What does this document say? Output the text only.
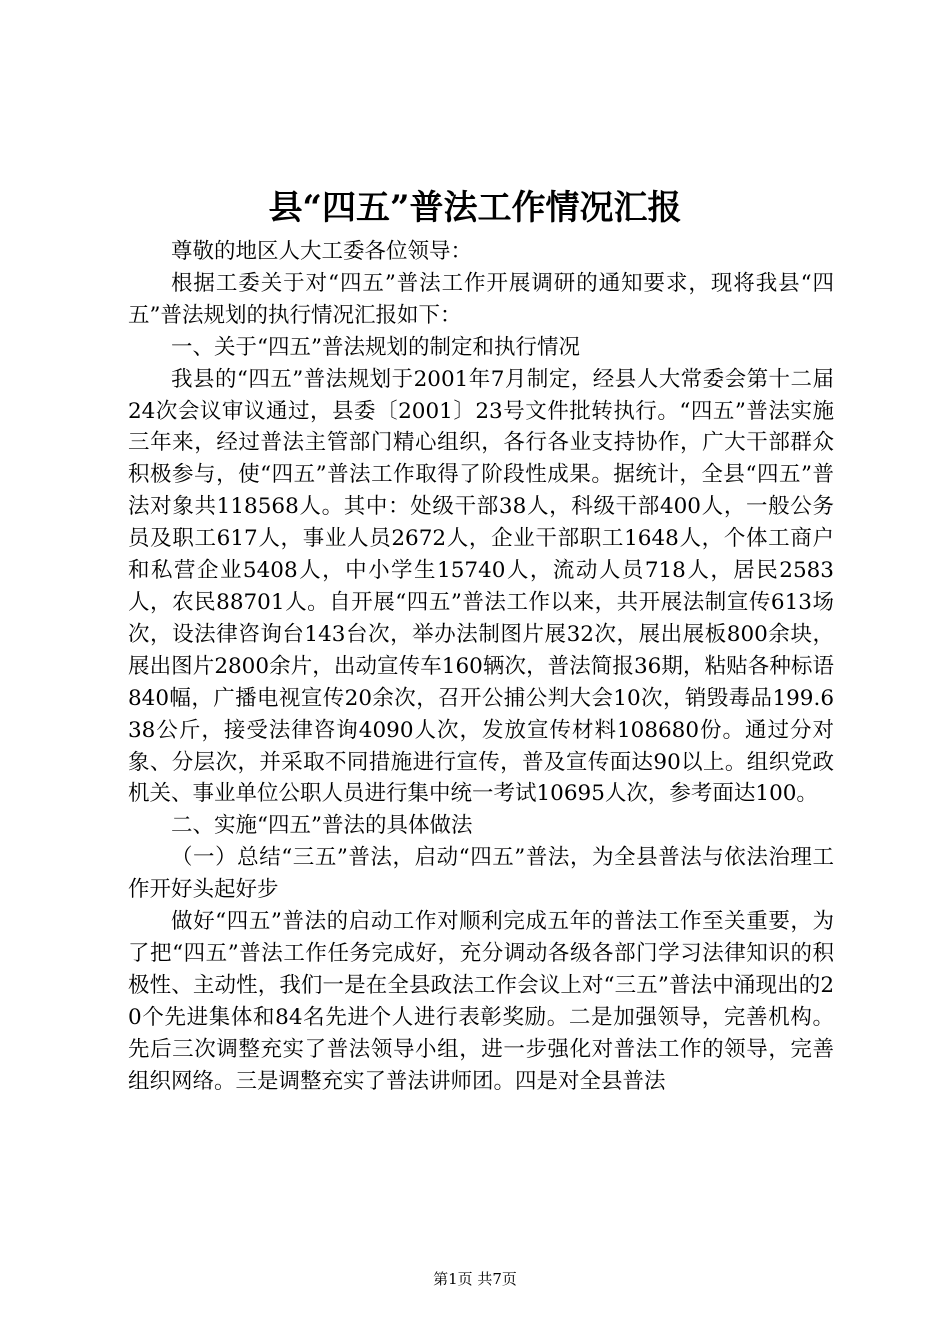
县“四五”普法工作情况汇报

尊敬的地区人大工委各位领导：

根据工委关于对“四五”普法工作开展调研的通知要求，现将我县“四五”普法规划的执行情况汇报如下：

一、关于“四五”普法规划的制定和执行情况

我县的“四五”普法规划于2001年7月制定，经县人大常委会第十二届24次会议审议通过，县委〔2001〕23号文件批转执行。“四五”普法实施三年来，经过普法主管部门精心组织，各行各业支持协作，广大干部群众积极参与，使“四五”普法工作取得了阶段性成果。据统计，全县“四五”普法对象共118568人。其中：处级干部38人，科级干部400人，一般公务员及职工617人，事业人员2672人，企业干部职工1648人，个体工商户和私营企业5408人，中小学生15740人，流动人员718人，居民2583人，农民88701人。自开展“四五”普法工作以来，共开展法制宣传613场次，设法律咨询台143台次，举办法制图片展32次，展出展板800余块，展出图片2800余片，出动宣传车160辆次，普法简报36期，粘贴各种标语840幅，广播电视宣传20余次，召开公捕公判大会10次，销毁毒品199.638公斤，接受法律咨询4090人次，发放宣传材料108680份。通过分对象、分层次，并采取不同措施进行宣传，普及宣传面达90以上。组织党政机关、事业单位公职人员进行集中统一考试10695人次，参考面达100。

二、实施“四五”普法的具体做法

（一）总结“三五”普法，启动“四五”普法，为全县普法与依法治理工作开好头起好步

做好“四五”普法的启动工作对顺利完成五年的普法工作至关重要，为了把“四五”普法工作任务完成好，充分调动各级各部门学习法律知识的积极性、主动性，我们一是在全县政法工作会议上对“三五”普法中涌现出的20个先进集体和84名先进个人进行表彰奖励。二是加强领导，完善机构。先后三次调整充实了普法领导小组，进一步强化对普法工作的领导，完善组织网络。三是调整充实了普法讲师团。四是对全县普法

第1页 共7页
